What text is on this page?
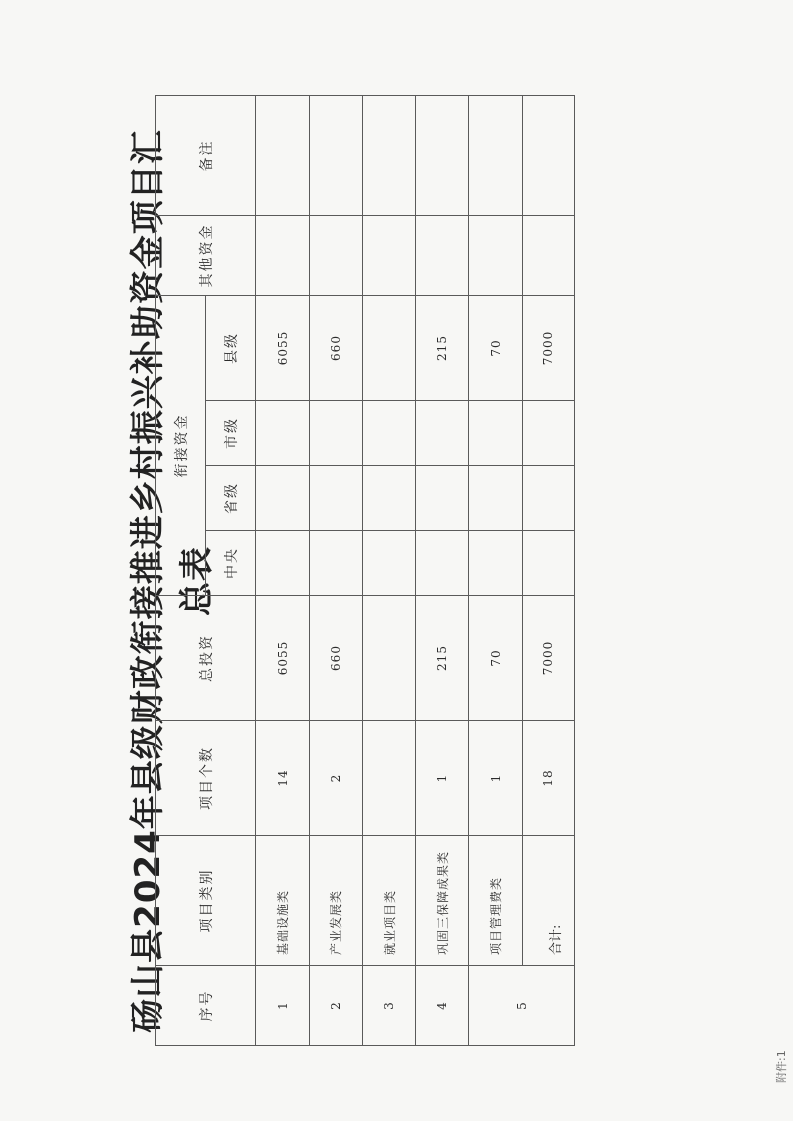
附件:1
砀山县2024年县级财政衔接推进乡村振兴补助资金项目汇总表
序号	项目类别	项目个数	总投资	衔接资金				其他资金	备注
				中央	省级	市级	县级		
1	基础设施类	14	6055				6055		
2	产业发展类	2	660				660		
3	就业项目类								
4	巩固三保障成果类	1	215				215		
5	项目管理费类	1	70				70		
	合计:	18	7000				7000		
